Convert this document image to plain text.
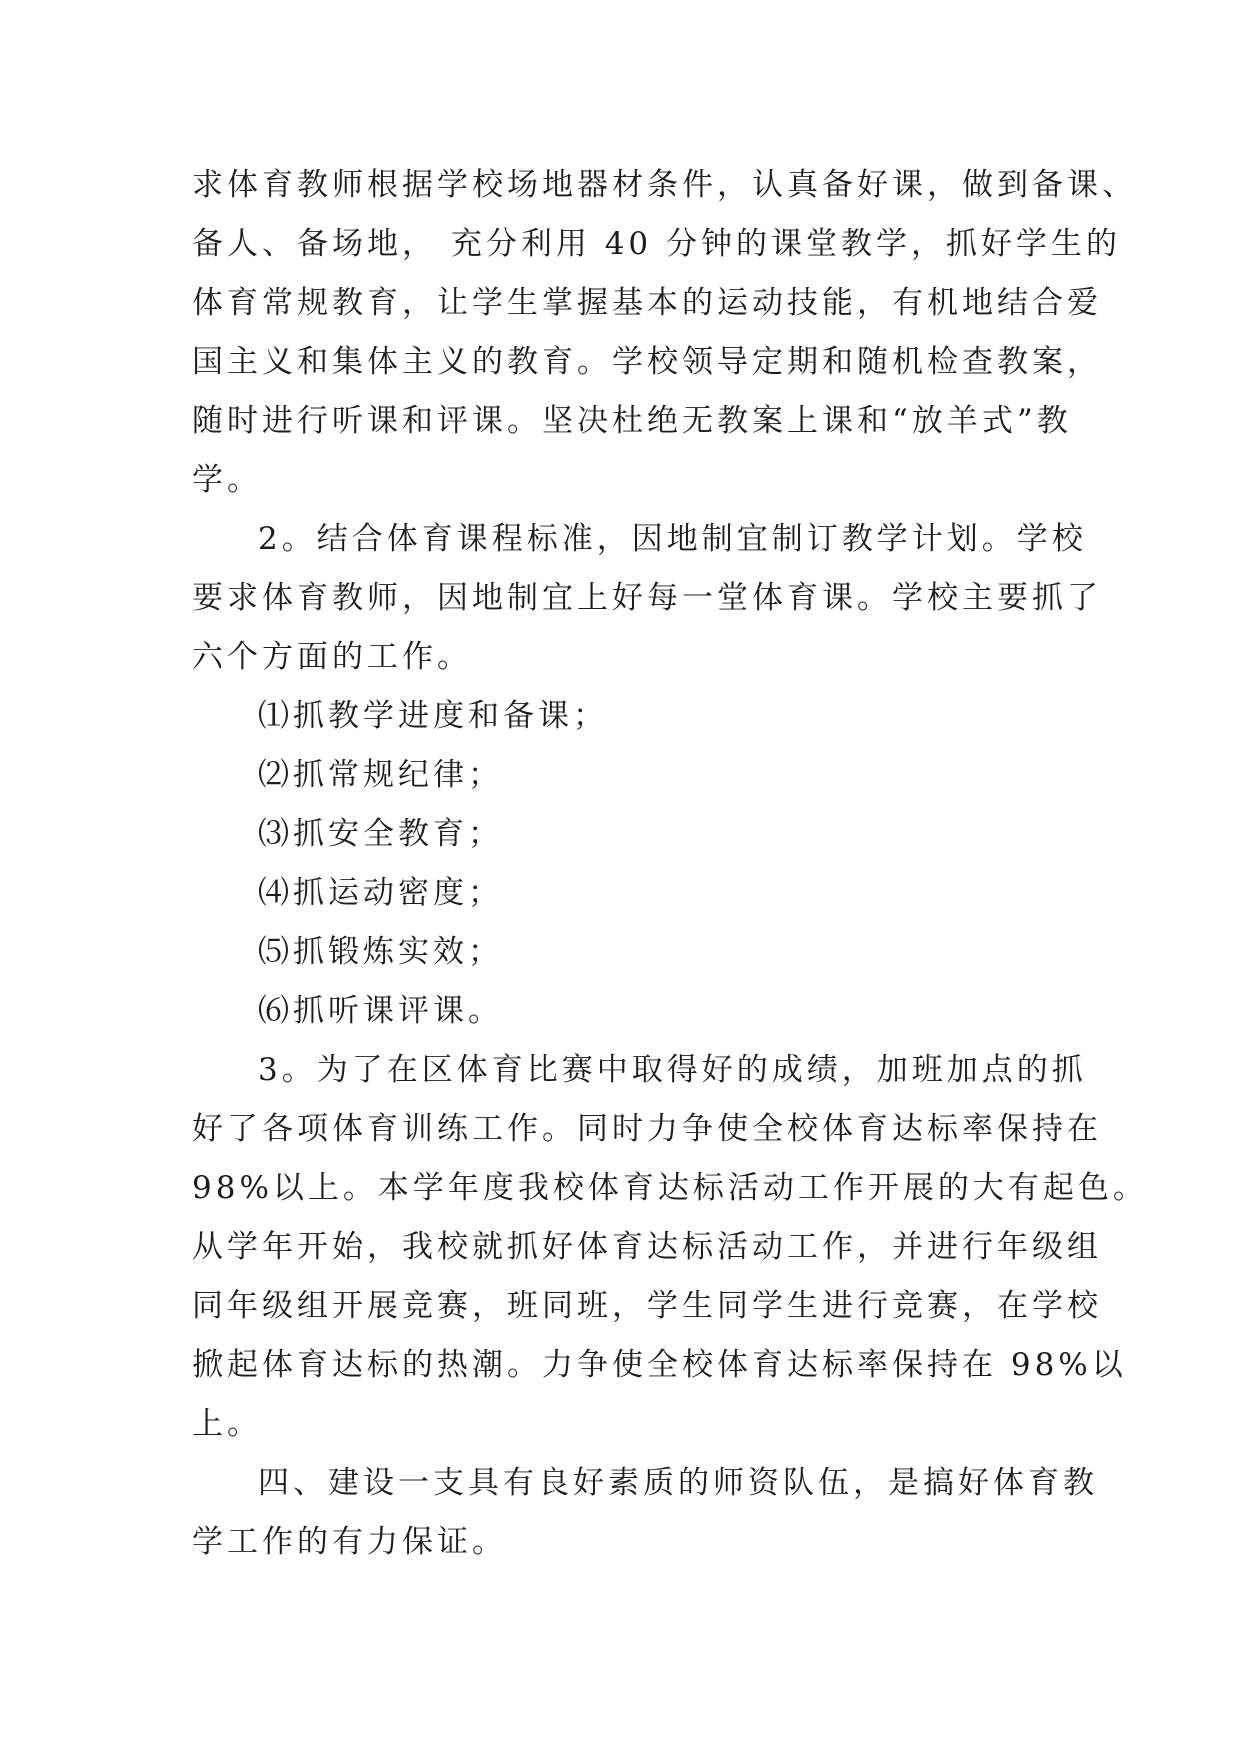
求体育教师根据学校场地器材条件，认真备好课，做到备课、
备人、备场地， 充分利用 40 分钟的课堂教学，抓好学生的
体育常规教育，让学生掌握基本的运动技能，有机地结合爱
国主义和集体主义的教育。学校领导定期和随机检查教案，
随时进行听课和评课。坚决杜绝无教案上课和“放羊式”教
学。
2。结合体育课程标准，因地制宜制订教学计划。学校
要求体育教师，因地制宜上好每一堂体育课。学校主要抓了
六个方面的工作。
⑴抓教学进度和备课；
⑵抓常规纪律；
⑶抓安全教育；
⑷抓运动密度；
⑸抓锻炼实效；
⑹抓听课评课。
3。为了在区体育比赛中取得好的成绩，加班加点的抓
好了各项体育训练工作。同时力争使全校体育达标率保持在
98%以上。本学年度我校体育达标活动工作开展的大有起色。
从学年开始，我校就抓好体育达标活动工作，并进行年级组
同年级组开展竞赛，班同班，学生同学生进行竞赛，在学校
掀起体育达标的热潮。力争使全校体育达标率保持在 98%以
上。
四、建设一支具有良好素质的师资队伍，是搞好体育教
学工作的有力保证。
